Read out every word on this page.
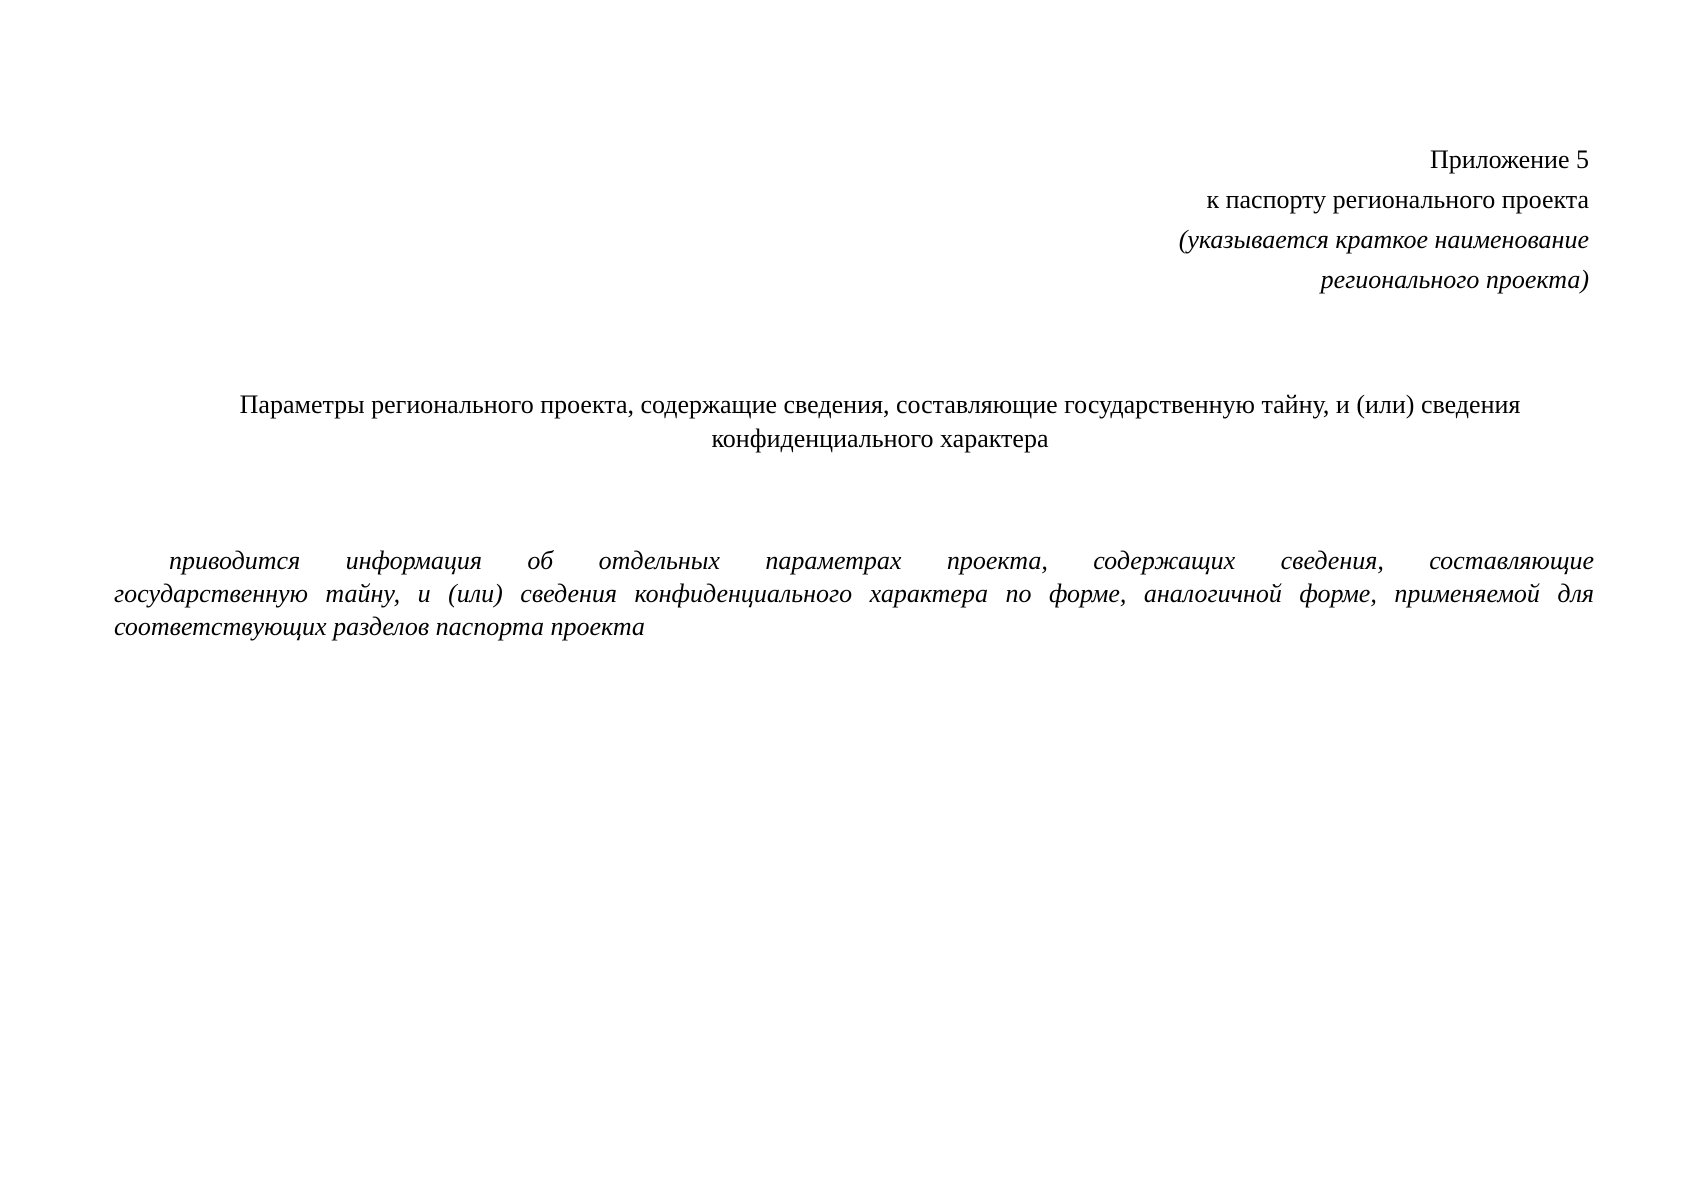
Приложение 5
к паспорту регионального проекта
(указывается краткое наименование
регионального проекта)
Параметры регионального проекта, содержащие сведения, составляющие государственную тайну, и (или) сведения
конфиденциального характера
приводится информация об отдельных параметрах проекта, содержащих сведения, составляющие
государственную тайну, и (или) сведения конфиденциального характера по форме, аналогичной форме, применяемой для
соответствующих разделов паспорта проекта
